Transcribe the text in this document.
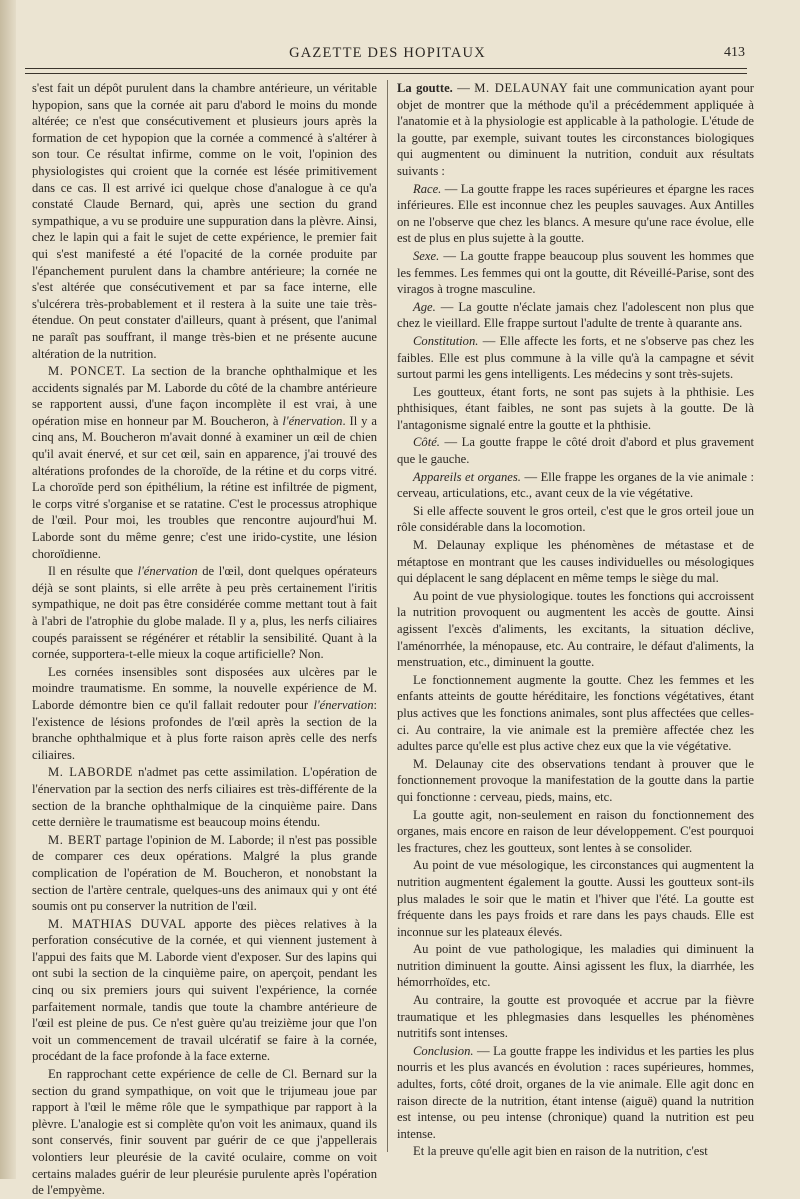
GAZETTE DES HOPITAUX	413

s'est fait un dépôt purulent dans la chambre antérieure, un véritable hypopion, sans que la cornée ait paru d'abord le moins du monde altérée; ce n'est que consécutivement et plusieurs jours après la formation de cet hypopion que la cornée a commencé à s'altérer à son tour. Ce résultat infirme, comme on le voit, l'opinion des physiologistes qui croient que la cornée est lésée primitivement dans ce cas. Il est arrivé ici quelque chose d'analogue à ce qu'a constaté Claude Bernard, qui, après une section du grand sympathique, a vu se produire une suppuration dans la plèvre. Ainsi, chez le lapin qui a fait le sujet de cette expérience, le premier fait qui s'est manifesté a été l'opacité de la cornée produite par l'épanchement purulent dans la chambre antérieure; la cornée ne s'est altérée que consécutivement et par sa face interne, elle s'ulcérera très-probablement et il restera à la suite une taie très-étendue. On peut constater d'ailleurs, quant à présent, que l'animal ne paraît pas souffrant, il mange très-bien et ne présente aucune altération de la nutrition.

M. PONCET. La section de la branche ophthalmique et les accidents signalés par M. Laborde du côté de la chambre antérieure se rapportent aussi, d'une façon incomplète il est vrai, à une opération mise en honneur par M. Boucheron, à l'énervation. Il y a cinq ans, M. Boucheron m'avait donné à examiner un œil de chien qu'il avait énervé, et sur cet œil, sain en apparence, j'ai trouvé des altérations profondes de la choroïde, de la rétine et du corps vitré. La choroïde perd son épithélium, la rétine est infiltrée de pigment, le corps vitré s'organise et se ratatine. C'est le processus atrophique de l'œil. Pour moi, les troubles que rencontre aujourd'hui M. Laborde sont du même genre; c'est une irido-cystite, une lésion choroïdienne.

Il en résulte que l'énervation de l'œil, dont quelques opérateurs déjà se sont plaints, si elle arrête à peu près certainement l'iritis sympathique, ne doit pas être considérée comme mettant tout à fait à l'abri de l'atrophie du globe malade. Il y a, plus, les nerfs ciliaires coupés paraissent se régénérer et rétablir la sensibilité. Quant à la cornée, supportera-t-elle mieux la coque artificielle? Non.

Les cornées insensibles sont disposées aux ulcères par le moindre traumatisme. En somme, la nouvelle expérience de M. Laborde démontre bien ce qu'il fallait redouter pour l'énervation: l'existence de lésions profondes de l'œil après la section de la branche ophthalmique et à plus forte raison après celle des nerfs ciliaires.

M. LABORDE n'admet pas cette assimilation. L'opération de l'énervation par la section des nerfs ciliaires est très-différente de la section de la branche ophthalmique de la cinquième paire. Dans cette dernière le traumatisme est beaucoup moins étendu.

M. BERT partage l'opinion de M. Laborde; il n'est pas possible de comparer ces deux opérations. Malgré la plus grande complication de l'opération de M. Boucheron, et nonobstant la section de l'artère centrale, quelques-uns des animaux qui y ont été soumis ont pu conserver la nutrition de l'œil.

M. MATHIAS DUVAL apporte des pièces relatives à la perforation consécutive de la cornée, et qui viennent justement à l'appui des faits que M. Laborde vient d'exposer. Sur des lapins qui ont subi la section de la cinquième paire, on aperçoit, pendant les cinq ou six premiers jours qui suivent l'expérience, la cornée parfaitement normale, tandis que toute la chambre antérieure de l'œil est pleine de pus. Ce n'est guère qu'au treizième jour que l'on voit un commencement de travail ulcératif se faire à la cornée, procédant de la face profonde à la face externe.

En rapprochant cette expérience de celle de Cl. Bernard sur la section du grand sympathique, on voit que le trijumeau joue par rapport à l'œil le même rôle que le sympathique par rapport à la plèvre. L'analogie est si complète qu'on voit les animaux, quand ils sont conservés, finir souvent par guérir de ce que j'appellerais volontiers leur pleurésie de la cavité oculaire, comme on voit certains malades guérir de leur pleurésie purulente après l'opération de l'empyème.

La goutte. — M. DELAUNAY fait une communication ayant pour objet de montrer que la méthode qu'il a précédemment appliquée à l'anatomie et à la physiologie est applicable à la pathologie. L'étude de la goutte, par exemple, suivant toutes les circonstances biologiques qui augmentent ou diminuent la nutrition, conduit aux résultats suivants :

Race. — La goutte frappe les races supérieures et épargne les races inférieures. Elle est inconnue chez les peuples sauvages. Aux Antilles on ne l'observe que chez les blancs. A mesure qu'une race évolue, elle est de plus en plus sujette à la goutte.

Sexe. — La goutte frappe beaucoup plus souvent les hommes que les femmes. Les femmes qui ont la goutte, dit Réveillé-Parise, sont des viragos à trogne masculine.

Age. — La goutte n'éclate jamais chez l'adolescent non plus que chez le vieillard. Elle frappe surtout l'adulte de trente à quarante ans.

Constitution. — Elle affecte les forts, et ne s'observe pas chez les faibles. Elle est plus commune à la ville qu'à la campagne et sévit surtout parmi les gens intelligents. Les médecins y sont très-sujets.

Les goutteux, étant forts, ne sont pas sujets à la phthisie. Les phthisiques, étant faibles, ne sont pas sujets à la goutte. De là l'antagonisme signalé entre la goutte et la phthisie.

Côté. — La goutte frappe le côté droit d'abord et plus gravement que le gauche.

Appareils et organes. — Elle frappe les organes de la vie animale : cerveau, articulations, etc., avant ceux de la vie végétative.

Si elle affecte souvent le gros orteil, c'est que le gros orteil joue un rôle considérable dans la locomotion.

M. Delaunay explique les phénomènes de métastase et de métaptose en montrant que les causes individuelles ou mésologiques qui déplacent le sang déplacent en même temps le siège du mal.

Au point de vue physiologique. toutes les fonctions qui accroissent la nutrition provoquent ou augmentent les accès de goutte. Ainsi agissent l'excès d'aliments, les excitants, la situation déclive, l'aménorrhée, la ménopause, etc. Au contraire, le défaut d'aliments, la menstruation, etc., diminuent la goutte.

Le fonctionnement augmente la goutte. Chez les femmes et les enfants atteints de goutte héréditaire, les fonctions végétatives, étant plus actives que les fonctions animales, sont plus affectées que celles-ci. Au contraire, la vie animale est la première affectée chez les adultes parce qu'elle est plus active chez eux que la vie végétative.

M. Delaunay cite des observations tendant à prouver que le fonctionnement provoque la manifestation de la goutte dans la partie qui fonctionne : cerveau, pieds, mains, etc.

La goutte agit, non-seulement en raison du fonctionnement des organes, mais encore en raison de leur développement. C'est pourquoi les fractures, chez les goutteux, sont lentes à se consolider.

Au point de vue mésologique, les circonstances qui augmentent la nutrition augmentent également la goutte. Aussi les goutteux sont-ils plus malades le soir que le matin et l'hiver que l'été. La goutte est fréquente dans les pays froids et rare dans les pays chauds. Elle est inconnue sur les plateaux élevés.

Au point de vue pathologique, les maladies qui diminuent la nutrition diminuent la goutte. Ainsi agissent les flux, la diarrhée, les hémorrhoïdes, etc.

Au contraire, la goutte est provoquée et accrue par la fièvre traumatique et les phlegmasies dans lesquelles les phénomènes nutritifs sont intenses.

Conclusion. — La goutte frappe les individus et les parties les plus nourris et les plus avancés en évolution : races supérieures, hommes, adultes, forts, côté droit, organes de la vie animale. Elle agit donc en raison directe de la nutrition, étant intense (aiguë) quand la nutrition est intense, ou peu intense (chronique) quand la nutrition est peu intense.

Et la preuve qu'elle agit bien en raison de la nutrition, c'est
